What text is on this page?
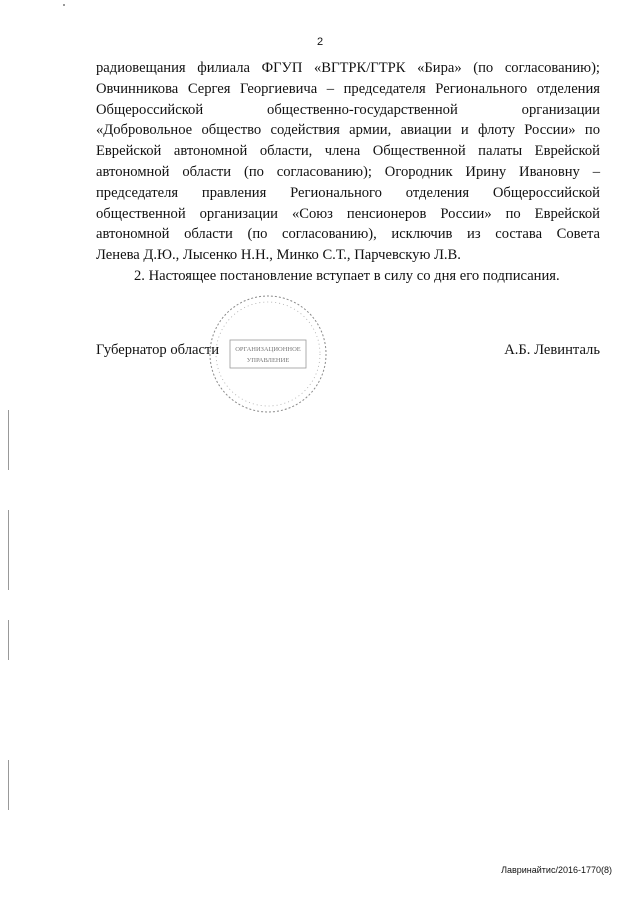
2
радиовещания филиала ФГУП «ВГТРК/ГТРК «Бира» (по согласованию);
Овчинникова Сергея Георгиевича – председателя Регионального отделения
Общероссийской общественно-государственной организации
«Добровольное общество содействия армии, авиации и флоту России» по
Еврейской автономной области, члена Общественной палаты Еврейской
автономной области (по согласованию); Огородник Ирину Ивановну –
председателя правления Регионального отделения Общероссийской
общественной организации «Союз пенсионеров России» по Еврейской
автономной области (по согласованию), исключив из состава Совета
Ленева Д.Ю., Лысенко Н.Н., Минко С.Т., Парчевскую Л.В.
2. Настоящее постановление вступает в силу со дня его подписания.
Губернатор области	А.Б. Левинталь
ОРГАНИЗАЦИОННОЕ
УПРАВЛЕНИЕ
Лавринайтис/2016-1770(8)
